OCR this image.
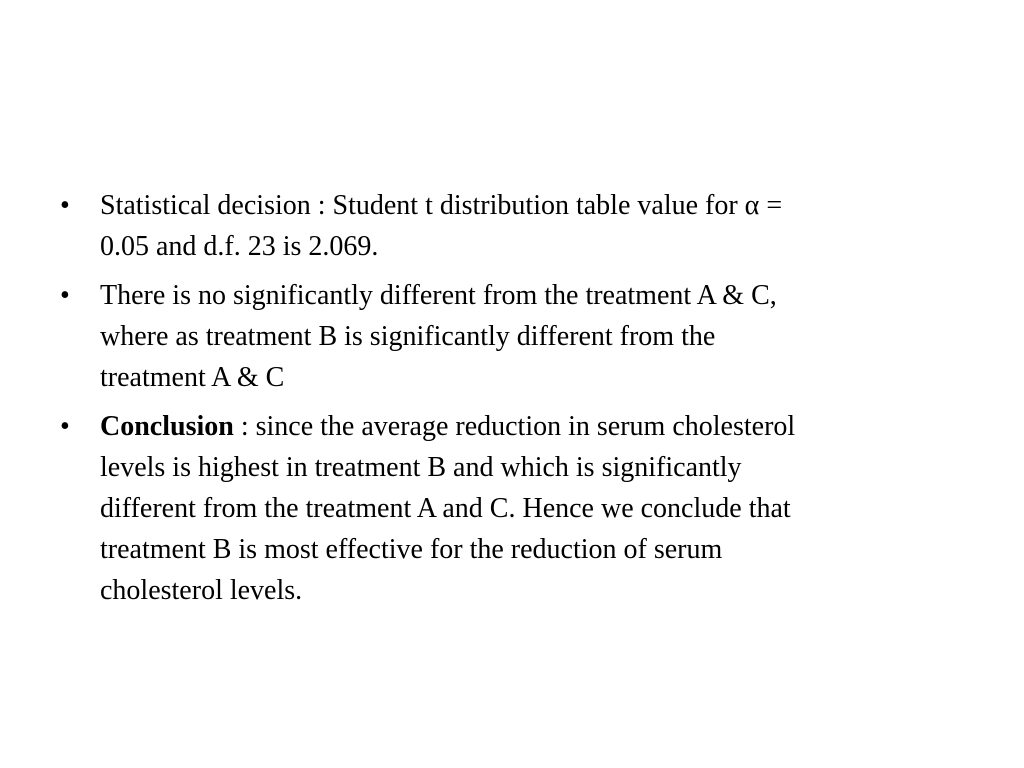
•	Statistical decision : Student t distribution table value for α =
0.05 and d.f. 23 is 2.069.
•	There is no significantly different from the treatment A & C,
where as treatment B is significantly different from the
treatment A & C
•	Conclusion : since the average reduction in serum cholesterol
levels is highest in treatment B and which is significantly
different from the treatment A and C. Hence we conclude that
treatment B is most effective for the reduction of serum
cholesterol levels.
